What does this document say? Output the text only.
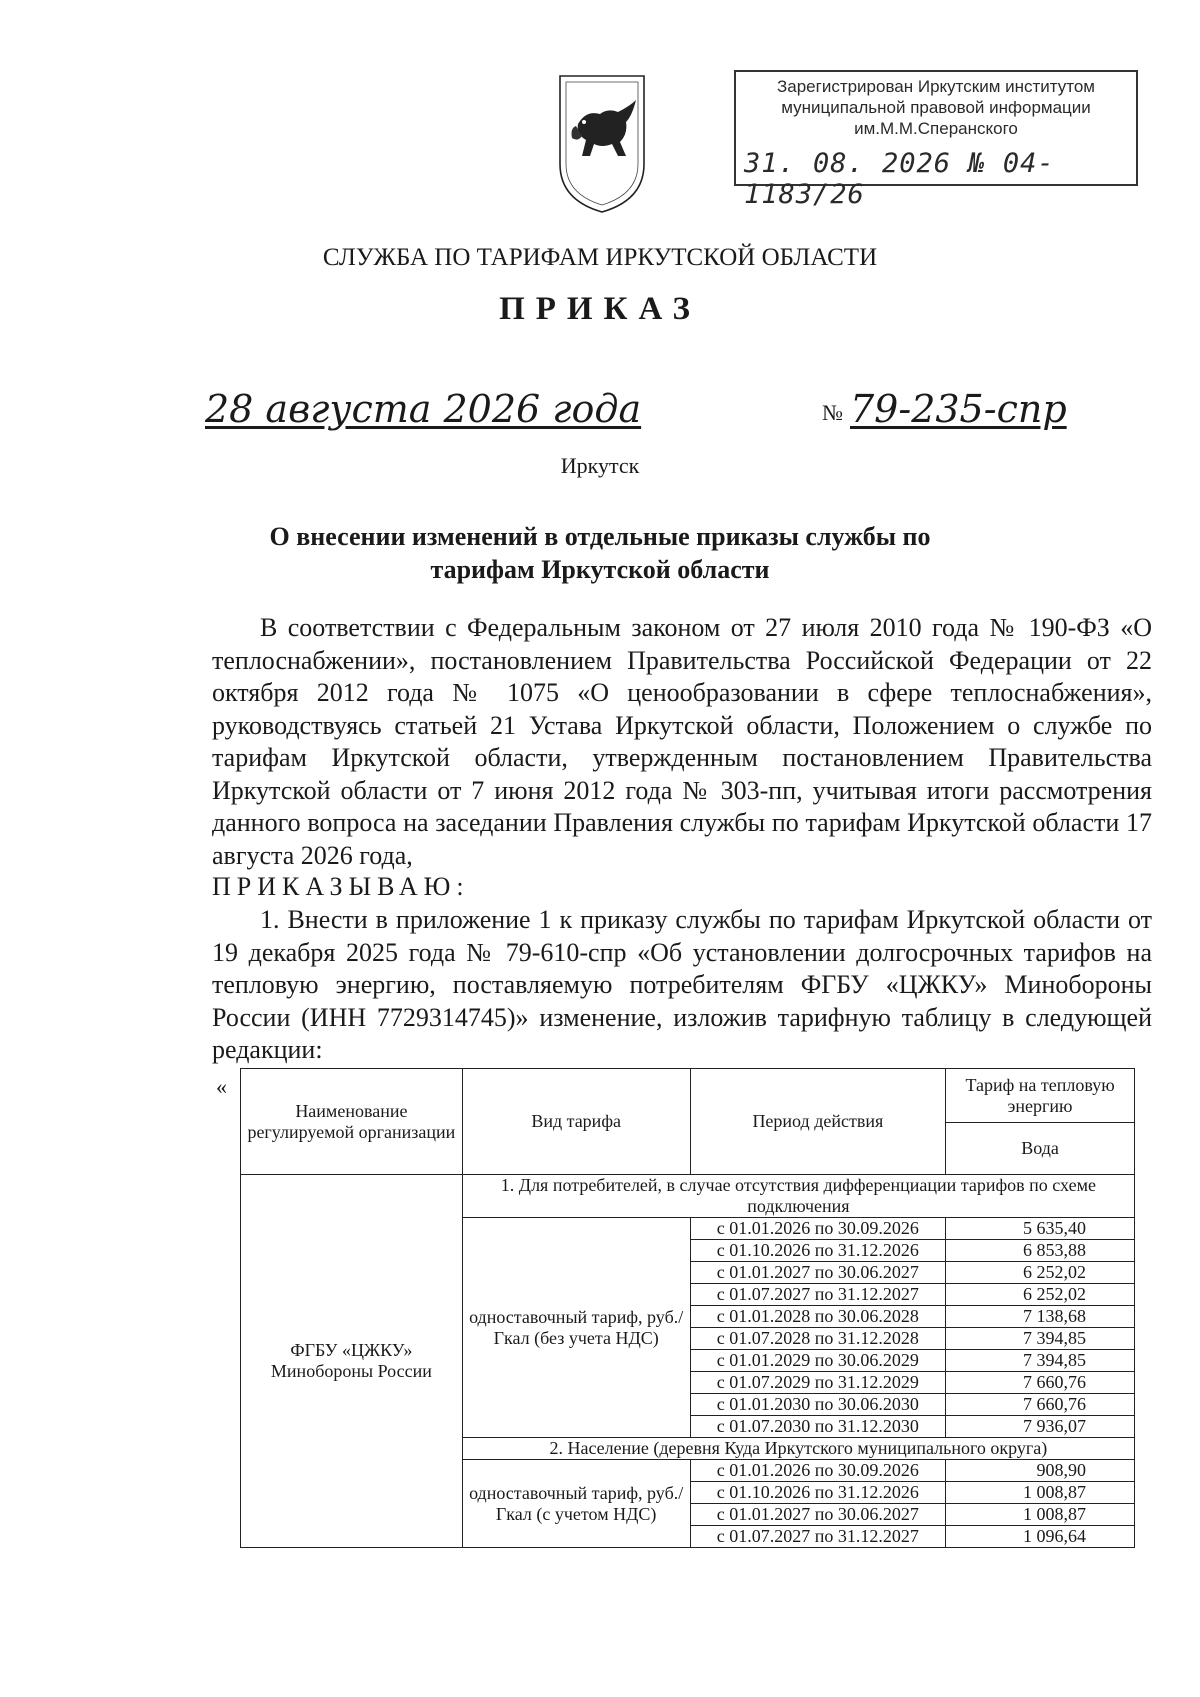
Зарегистрирован Иркутским институтом
муниципальной правовой информации
им.М.М.Сперанского
31. 08. 2026 № 04-1183/26
СЛУЖБА ПО ТАРИФАМ ИРКУТСКОЙ ОБЛАСТИ
ПРИКАЗ
28 августа 2026 года	№ 79-235-спр
Иркутск
О внесении изменений в отдельные приказы службы по тарифам Иркутской области
В соответствии с Федеральным законом от 27 июля 2010 года № 190-ФЗ «О теплоснабжении», постановлением Правительства Российской Федерации от 22 октября 2012 года № 1075 «О ценообразовании в сфере теплоснабжения», руководствуясь статьей 21 Устава Иркутской области, Положением о службе по тарифам Иркутской области, утвержденным постановлением Правительства Иркутской области от 7 июня 2012 года № 303-пп, учитывая итоги рассмотрения данного вопроса на заседании Правления службы по тарифам Иркутской области 17 августа 2026 года,
ПРИКАЗЫВАЮ:
1. Внести в приложение 1 к приказу службы по тарифам Иркутской области от 19 декабря 2025 года № 79-610-спр «Об установлении долгосрочных тарифов на тепловую энергию, поставляемую потребителям ФГБУ «ЦЖКУ» Минобороны России (ИНН 7729314745)» изменение, изложив тарифную таблицу в следующей редакции:
«
Наименование регулируемой организации	Вид тарифа	Период действия	Тариф на тепловую энергию
			Вода
ФГБУ «ЦЖКУ» Минобороны России	1. Для потребителей, в случае отсутствия дифференциации тарифов по схеме подключения		
	одноставочный тариф, руб./Гкал (без учета НДС)	с 01.01.2026 по 30.09.2026	5 635,40
		с 01.10.2026 по 31.12.2026	6 853,88
		с 01.01.2027 по 30.06.2027	6 252,02
		с 01.07.2027 по 31.12.2027	6 252,02
		с 01.01.2028 по 30.06.2028	7 138,68
		с 01.07.2028 по 31.12.2028	7 394,85
		с 01.01.2029 по 30.06.2029	7 394,85
		с 01.07.2029 по 31.12.2029	7 660,76
		с 01.01.2030 по 30.06.2030	7 660,76
		с 01.07.2030 по 31.12.2030	7 936,07
	2. Население (деревня Куда Иркутского муниципального округа)		
	одноставочный тариф, руб./Гкал (с учетом НДС)	с 01.01.2026 по 30.09.2026	908,90
		с 01.10.2026 по 31.12.2026	1 008,87
		с 01.01.2027 по 30.06.2027	1 008,87
		с 01.07.2027 по 31.12.2027	1 096,64
